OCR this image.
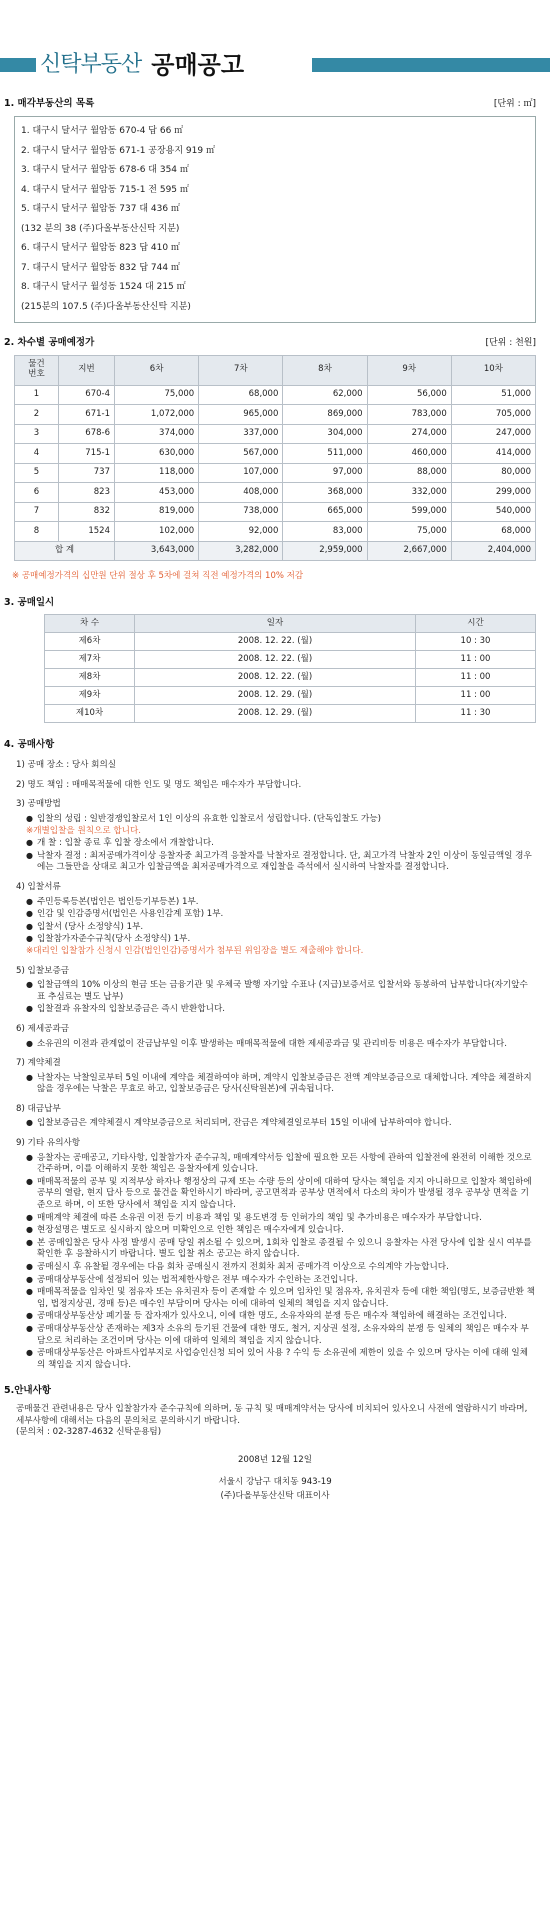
신탁부동산 공매공고
1. 매각부동산의 목록	[단위 : ㎡]
1. 대구시 달서구 월암동 670-4 답 66 ㎡
2. 대구시 달서구 월암동 671-1 공장용지 919 ㎡
3. 대구시 달서구 월암동 678-6 대 354 ㎡
4. 대구시 달서구 월암동 715-1 전 595 ㎡
5. 대구시 달서구 월암동 737 대 436 ㎡
(132 분의 38 (주)다올부동산신탁 지분)
6. 대구시 달서구 월암동 823 답 410 ㎡
7. 대구시 달서구 월암동 832 답 744 ㎡
8. 대구시 달서구 월성동 1524 대 215 ㎡
(215분의 107.5 (주)다올부동산신탁 지분)
2. 차수별 공매예정가	[단위 : 천원]
물건
번호	지번	6차	7차	8차	9차	10차
1	670-4	75,000	68,000	62,000	56,000	51,000
2	671-1	1,072,000	965,000	869,000	783,000	705,000
3	678-6	374,000	337,000	304,000	274,000	247,000
4	715-1	630,000	567,000	511,000	460,000	414,000
5	737	118,000	107,000	97,000	88,000	80,000
6	823	453,000	408,000	368,000	332,000	299,000
7	832	819,000	738,000	665,000	599,000	540,000
8	1524	102,000	92,000	83,000	75,000	68,000
합 계		3,643,000	3,282,000	2,959,000	2,667,000	2,404,000
※ 공매예정가격의 십만원 단위 절상 후 5차에 걸쳐 직전 예정가격의 10% 저감
3. 공매일시
차 수	일자	시간
제6차	2008. 12. 22. (월)	10 : 30
제7차	2008. 12. 22. (월)	11 : 00
제8차	2008. 12. 22. (월)	11 : 00
제9차	2008. 12. 29. (월)	11 : 00
제10차	2008. 12. 29. (월)	11 : 30
4. 공매사항
1) 공매 장소 : 당사 회의실
2) 명도 책임 : 매매목적물에 대한 인도 및 명도 책임은 매수자가 부담합니다.
3) 공매방법
● 입찰의 성립 : 일반경쟁입찰로서 1인 이상의 유효한 입찰로서 성립합니다. (단독입찰도 가능)
※개별입찰을 원칙으로 합니다.
● 개 찰 : 입찰 종료 후 입찰 장소에서 개찰합니다.
● 낙찰자 결정 : 최저공매가격이상 응찰자중 최고가격 응찰자를 낙찰자로 결정합니다. 단, 최고가격 낙찰자 2인 이상이 동일금액일 경우에는 그들만을 상대로 최고가 입찰금액을 최저공매가격으로 재입찰을 즉석에서 실시하여 낙찰자를 결정합니다.
4) 입찰서류
● 주민등록등본(법인은 법인등기부등본) 1부.
● 인감 및 인감증명서(법인은 사용인감계 포함) 1부.
● 입찰서 (당사 소정양식) 1부.
● 입찰참가자준수규칙(당사 소정양식) 1부.
※대리인 입찰참가 신청시 인감(법인인감)증명서가 첨부된 위임장을 별도 제출해야 합니다.
5) 입찰보증금
● 입찰금액의 10% 이상의 현금 또는 금융기관 및 우체국 발행 자기앞 수표나 (지급)보증서로 입찰서와 동봉하여 납부합니다(자기앞수표 추심료는 별도 납부)
● 입찰결과 유찰자의 입찰보증금은 즉시 반환합니다.
6) 제세공과금
● 소유권의 이전과 관계없이 잔금납부일 이후 발생하는 매매목적물에 대한 제세공과금 및 관리비등 비용은 매수자가 부담합니다.
7) 계약체결
● 낙찰자는 낙찰일로부터 5일 이내에 계약을 체결하여야 하며, 계약시 입찰보증금은 전액 계약보증금으로 대체합니다. 계약을 체결하지 않을 경우에는 낙찰은 무효로 하고, 입찰보증금은 당사(신탁원본)에 귀속됩니다.
8) 대금납부
● 입찰보증금은 계약체결시 계약보증금으로 처리되며, 잔금은 계약체결일로부터 15일 이내에 납부하여야 합니다.
9) 기타 유의사항
● 응찰자는 공매공고, 기타사항, 입찰참가자 준수규칙, 매매계약서등 입찰에 필요한 모든 사항에 관하여 입찰전에 완전히 이해한 것으로 간주하며, 이를 이해하지 못한 책임은 응찰자에게 있습니다.
● 매매목적물의 공부 및 지적부상 하자나 행정상의 규제 또는 수량 등의 상이에 대하여 당사는 책임을 지지 아니하므로 입찰자 책임하에 공부의 열람, 현지 답사 등으로 물건을 확인하시기 바라며, 공고면적과 공부상 면적에서 다소의 차이가 발생될 경우 공부상 면적을 기준으로 하며, 이 또한 당사에서 책임을 지지 않습니다.
● 매매계약 체결에 따른 소유권 이전 등기 비용과 책임 및 용도변경 등 인허가의 책임 및 추가비용은 매수자가 부담합니다.
● 현장설명은 별도로 실시하지 않으며 미확인으로 인한 책임은 매수자에게 있습니다.
● 본 공매입찰은 당사 사정 발생시 공매 당일 취소될 수 있으며, 1회차 입찰로 종결될 수 있으니 응찰자는 사전 당사에 입찰 실시 여부를 확인한 후 응찰하시기 바랍니다. 별도 입찰 취소 공고는 하지 않습니다.
● 공매실시 후 유찰될 경우에는 다음 회차 공매실시 전까지 전회차 최저 공매가격 이상으로 수의계약 가능합니다.
● 공매대상부동산에 설정되어 있는 법적제한사항은 전부 매수자가 수인하는 조건입니다.
● 매매목적물을 임차인 및 점유자 또는 유치권자 등이 존재할 수 있으며 임차인 및 점유자, 유치권자 등에 대한 책임(명도, 보증금반환 책임, 법정지상권, 경매 등)은 매수인 부담이며 당사는 이에 대하여 일체의 책임을 지지 않습니다.
● 공매대상부동산상 폐기물 등 잡자재가 있사오니, 이에 대한 명도, 소유자와의 분쟁 등은 매수자 책임하에 해결하는 조건입니다.
● 공매대상부동산상 존재하는 제3자 소유의 등기된 건물에 대한 명도, 철거, 지상권 설정, 소유자와의 분쟁 등 일체의 책임은 매수자 부담으로 처리하는 조건이며 당사는 이에 대하여 일체의 책임을 지지 않습니다.
● 공매대상부동산은 아파트사업부지로 사업승인신청 되어 있어 사용 ? 수익 등 소유권에 제한이 있을 수 있으며 당사는 이에 대해 일체의 책임을 지지 않습니다.
5.안내사항
공매물건 관련내용은 당사 입찰참가자 준수규칙에 의하며, 동 규칙 및 매매계약서는 당사에 비치되어 있사오니 사전에 열람하시기 바라며, 세부사항에 대해서는 다음의 문의처로 문의하시기 바랍니다.
(문의처 : 02-3287-4632 신탁운용팀)
2008년 12월 12일
서울시 강남구 대치동 943-19
(주)다올부동산신탁 대표이사
